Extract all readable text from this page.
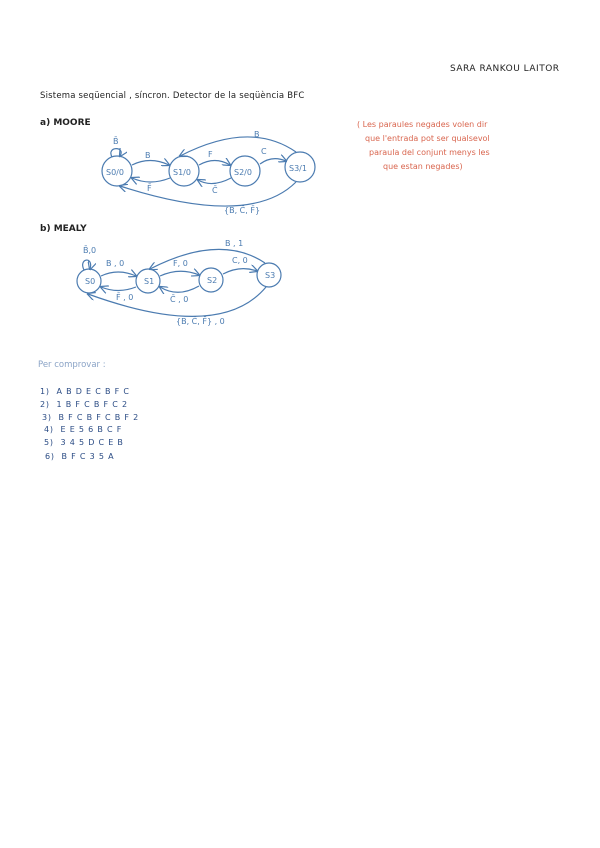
SARA RANKOU LAITOR
Sistema seqüencial , síncron. Detector de la seqüència BFC
a) MOORE	( Les paraules negades volen dir
que l'entrada pot ser qualsevol
paraula del conjunt menys les
que estan negades)
S0/0	S1/0	S2/0	S3/1
B̄
B	F	C
B
F̄	C̄
{B, C̄, F̄}
S0	S1	S2
S3
B̄,0
B , 0	F, 0	C, 0
B , 1
F̄ , 0	C̄ , 0
{B, C̄, F̄} , 0
b) MEALY
Per comprovar :
1) A B D E C B F C
2) 1 B F C B F C 2
3) B F C B F C B F 2
4) E E 5 6 B C F
5) 3 4 5 D C E B
6) B F C 3 5 A
